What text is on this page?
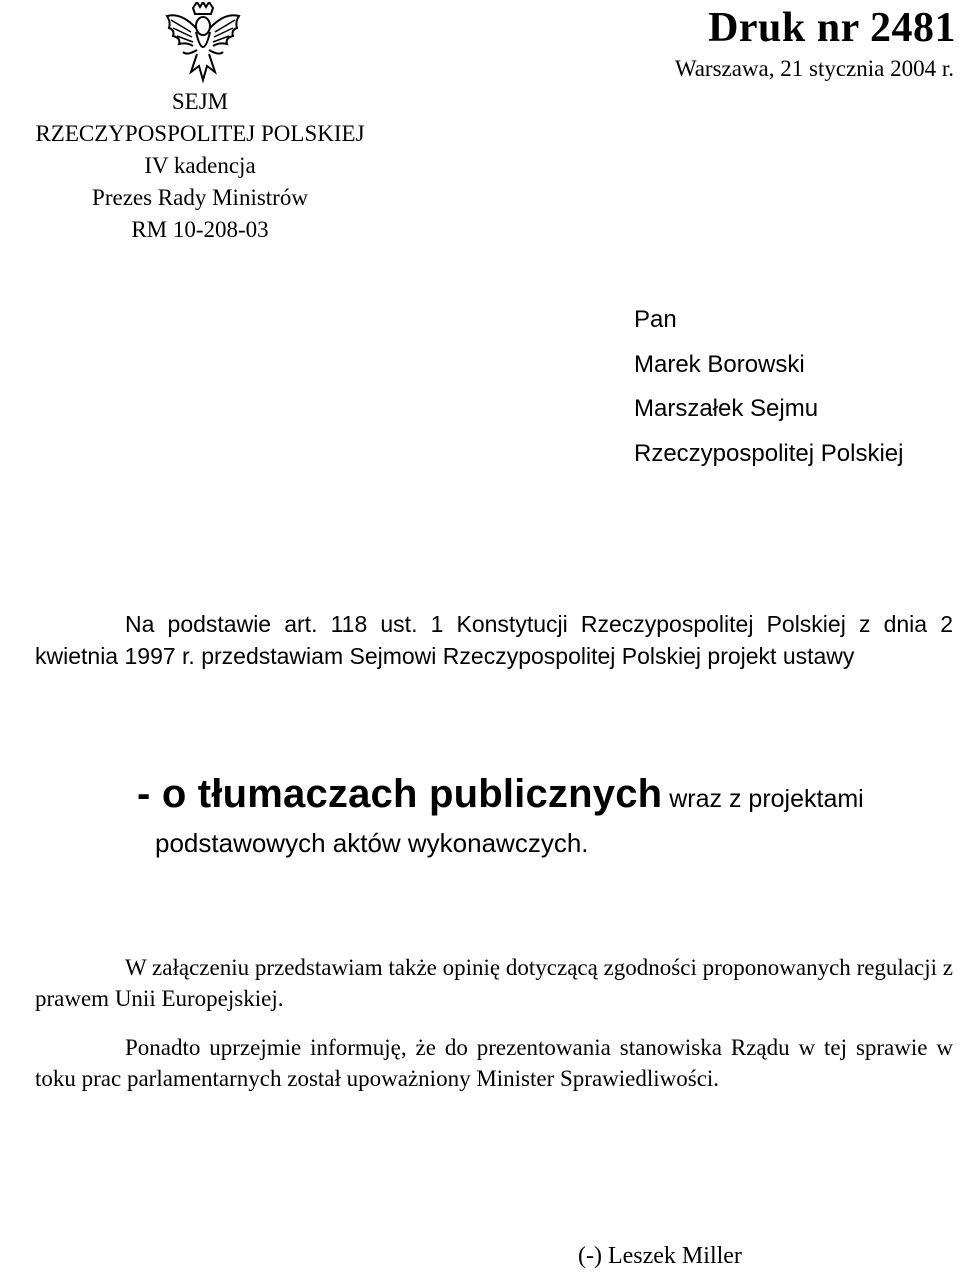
SEJM
RZECZYPOSPOLITEJ POLSKIEJ
IV kadencja
Prezes Rady Ministrów
RM 10-208-03
Druk nr 2481
Warszawa, 21 stycznia 2004 r.
Pan
Marek Borowski
Marszałek Sejmu
Rzeczypospolitej Polskiej
Na podstawie art. 118 ust. 1 Konstytucji Rzeczypospolitej Polskiej z dnia 2 kwietnia 1997 r. przedstawiam Sejmowi Rzeczypospolitej Polskiej projekt ustawy
- o tłumaczach publicznych wraz z projektami
podstawowych aktów wykonawczych.
W załączeniu przedstawiam także opinię dotyczącą zgodności proponowanych regulacji z prawem Unii Europejskiej.
Ponadto uprzejmie informuję, że do prezentowania stanowiska Rządu w tej sprawie w toku prac parlamentarnych został upoważniony Minister Sprawiedliwości.
(-) Leszek Miller
